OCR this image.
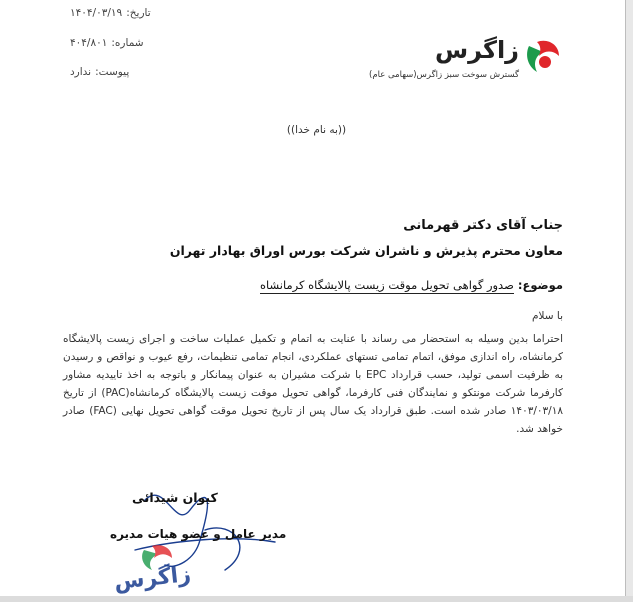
تاریخ:۱۴۰۴/۰۳/۱۹
شماره:۴۰۴/۸۰۱
پیوست:ندارد
زاگرس
گسترش سوخت سبز زاگرس(سهامی عام)
((به نام خدا))
جناب آقای دکتر قهرمانی
معاون محترم پذیرش و ناشران شرکت بورس اوراق بهادار تهران
موضوع: صدور گواهی تحویل موقت زیست پالایشگاه کرمانشاه
با سلام
احتراما بدین وسیله به استحضار می رساند با عنایت به اتمام و تکمیل عملیات ساخت و اجرای زیست پالایشگاه کرمانشاه، راه اندازی موفق، اتمام تمامی تستهای عملکردی، انجام تمامی تنظیمات، رفع عیوب و نواقص و رسیدن به ظرفیت اسمی تولید، حسب قرارداد EPC با شرکت مشیران به عنوان پیمانکار و باتوجه به اخذ تاییدیه مشاور کارفرما شرکت مونتکو و نمایندگان فنی کارفرما، گواهی تحویل موقت زیست پالایشگاه کرمانشاه(PAC) از تاریخ ۱۴۰۳/۰۳/۱۸ صادر شده است. طبق قرارداد یک سال پس از تاریخ تحویل موقت گواهی تحویل نهایی (FAC) صادر خواهد شد.
کیوان شیدائی
مدیر عامل و عضو هیات مدیره
زاگرس
